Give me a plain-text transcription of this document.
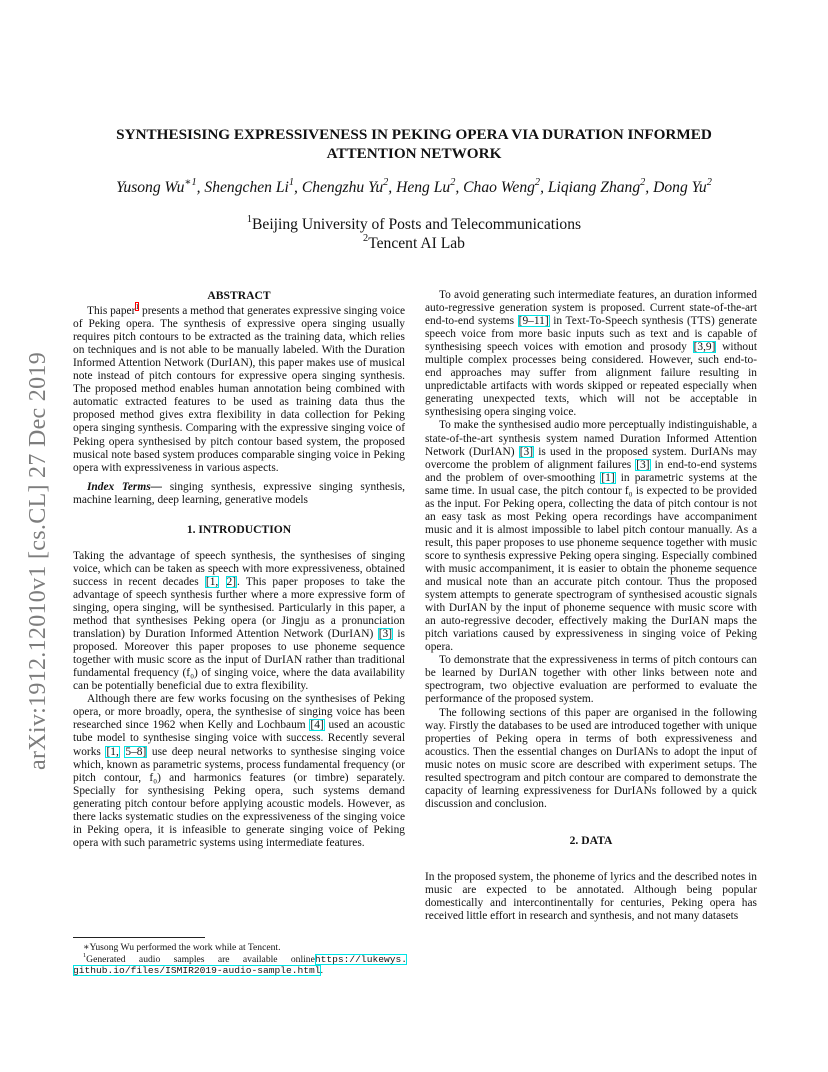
arXiv:1912.12010v1 [cs.CL] 27 Dec 2019
SYNTHESISING EXPRESSIVENESS IN PEKING OPERA VIA DURATION INFORMED
ATTENTION NETWORK
Yusong $Wu^{∗1}$, Shengchen Li$^1$, Chengzhu Yu$^2$, Heng Lu$^2$, Chao Weng$^2$, Liqiang Zhang$^2$, Dong Yu$^2$
$^1$Beijing University of Posts and Telecommunications
$^2$Tencent AI Lab
ABSTRACT

This paper$^1$ presents a method that generates expressive singing voice of Peking opera. The synthesis of expressive opera singing usually requires pitch contours to be extracted as the training data, which relies on techniques and is not able to be manually labeled. With the Duration Informed Attention Network (DurIAN), this paper makes use of musical note instead of pitch contours for expressive opera singing synthesis. The proposed method enables human annotation being combined with automatic extracted features to be used as training data thus the proposed method gives extra flexibility in data collection for Peking opera singing synthesis. Comparing with the expressive singing voice of Peking opera synthesised by pitch contour based system, the proposed musical note based system produces comparable singing voice in Peking opera with expressiveness in various aspects.

Index Terms— singing synthesis, expressive singing synthesis, machine learning, deep learning, generative models

1. INTRODUCTION

Taking the advantage of speech synthesis, the synthesises of singing voice, which can be taken as speech with more expressiveness, obtained success in recent decades [1, 2]. This paper proposes to take the advantage of speech synthesis further where a more expressive form of singing, opera singing, will be synthesised. Particularly in this paper, a method that synthesises Peking opera (or Jingju as a pronunciation translation) by Duration Informed Attention Network (DurIAN) [3] is proposed. Moreover this paper proposes to use phoneme sequence together with music score as the input of DurIAN rather than traditional fundamental frequency (f₀) of singing voice, where the data availability can be potentially beneficial due to extra flexibility.

Although there are few works focusing on the synthesises of Peking opera, or more broadly, opera, the synthesise of singing voice has been researched since 1962 when Kelly and Lochbaum [4] used an acoustic tube model to synthesise singing voice with success. Recently several works [1, 5–8] use deep neural networks to synthesise singing voice which, known as parametric systems, process fundamental frequency (or pitch contour, f₀) and harmonics features (or timbre) separately. Specially for synthesising Peking opera, such systems demand generating pitch contour before applying acoustic models. However, as there lacks systematic studies on the expressiveness of the singing voice in Peking opera, it is infeasible to generate singing voice of Peking opera with such parametric systems using intermediate features.

To avoid generating such intermediate features, an duration informed auto-regressive generation system is proposed. Current state-of-the-art end-to-end systems [9–11] in Text-To-Speech synthesis (TTS) generate speech voice from more basic inputs such as text and is capable of synthesising speech voices with emotion and prosody [3,9] without multiple complex processes being considered. However, such end-to-end approaches may suffer from alignment failure resulting in unpredictable artifacts with words skipped or repeated especially when generating unexpected texts, which will not be acceptable in synthesising opera singing voice.

To make the synthesised audio more perceptually indistinguishable, a state-of-the-art synthesis system named Duration Informed Attention Network (DurIAN) [3] is used in the proposed system. DurIANs may overcome the problem of alignment failures [3] in end-to-end systems and the problem of over-smoothing [1] in parametric systems at the same time. In usual case, the pitch contour f₀ is expected to be provided as the input. For Peking opera, collecting the data of pitch contour is not an easy task as most Peking opera recordings have accompaniment music and it is almost impossible to label pitch contour manually. As a result, this paper proposes to use phoneme sequence together with music score to synthesis expressive Peking opera singing. Especially combined with music accompaniment, it is easier to obtain the phoneme sequence and musical note than an accurate pitch contour. Thus the proposed system attempts to generate spectrogram of synthesised acoustic signals with DurIAN by the input of phoneme sequence with music score with an auto-regressive decoder, effectively making the DurIAN maps the pitch variations caused by expressiveness in singing voice of Peking opera.

To demonstrate that the expressiveness in terms of pitch contours can be learned by DurIAN together with other links between note and spectrogram, two objective evaluation are performed to evaluate the performance of the proposed system.

The following sections of this paper are organised in the following way. Firstly the databases to be used are introduced together with unique properties of Peking opera in terms of both expressiveness and acoustics. Then the essential changes on DurIANs to adopt the input of music notes on music score are described with experiment setups. The resulted spectrogram and pitch contour are compared to demonstrate the capacity of learning expressiveness for DurIANs followed by a quick discussion and conclusion.

2. DATA

In the proposed system, the phoneme of lyrics and the described notes in music are expected to be annotated. Although being popular domestically and intercontinentally for centuries, Peking opera has received little effort in research and synthesis, and not many datasets

∗Yusong Wu performed the work while at Tencent.

$^1$Generated audio samples are available onlinehttps://lukewys. github.io/files/ISMIR2019-audio-sample.html.
